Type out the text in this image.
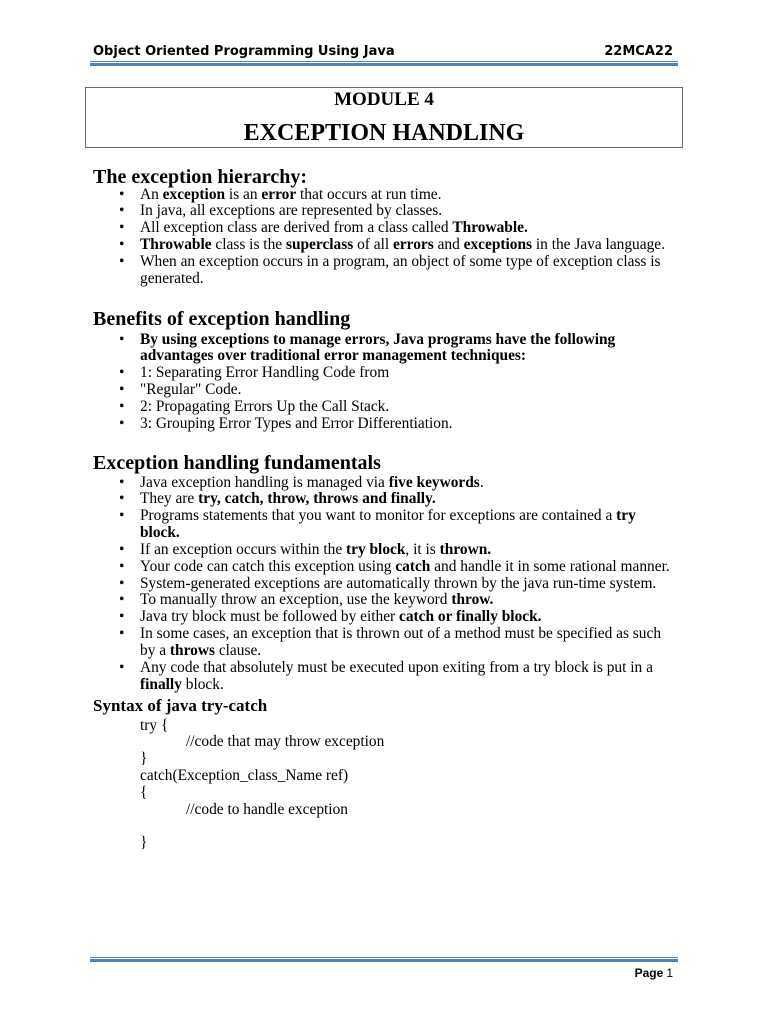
Object Oriented Programming Using Java	22MCA22
MODULE 4
EXCEPTION HANDLING
The exception hierarchy:
•
An exception is an error that occurs at run time.
•
In java, all exceptions are represented by classes.
•
All exception class are derived from a class called Throwable.
•
Throwable class is the superclass of all errors and exceptions in the Java language.
•
When an exception occurs in a program, an object of some type of exception class is
generated.
Benefits of exception handling
•
By using exceptions to manage errors, Java programs have the following
advantages over traditional error management techniques:
•
1: Separating Error Handling Code from
•
"Regular" Code.
•
2: Propagating Errors Up the Call Stack.
•
3: Grouping Error Types and Error Differentiation.
Exception handling fundamentals
•
Java exception handling is managed via five keywords.
•
They are try, catch, throw, throws and finally.
•
Programs statements that you want to monitor for exceptions are contained a try
block.
•
If an exception occurs within the try block, it is thrown.
•
Your code can catch this exception using catch and handle it in some rational manner.
•
System-generated exceptions are automatically thrown by the java run-time system.
•
To manually throw an exception, use the keyword throw.
•
Java try block must be followed by either catch or finally block.
•
In some cases, an exception that is thrown out of a method must be specified as such
by a throws clause.
•
Any code that absolutely must be executed upon exiting from a try block is put in a
finally block.
Syntax of java try-catch
try {
//code that may throw exception
}
catch(Exception_class_Name ref)
{
//code to handle exception
}
Page 1
